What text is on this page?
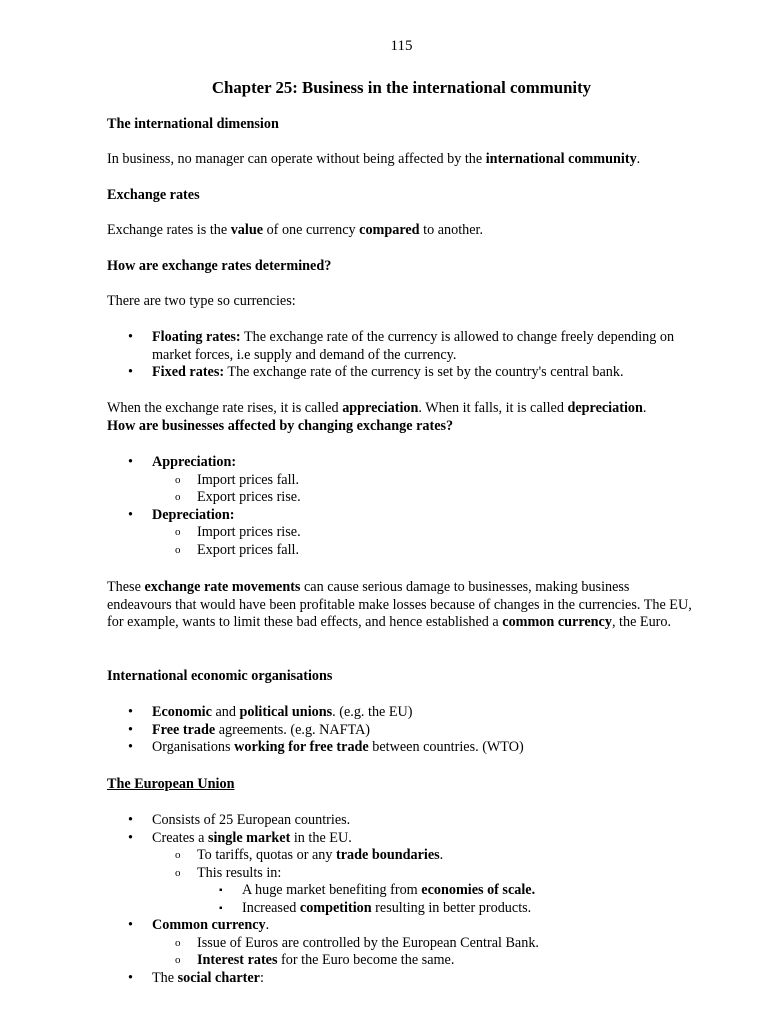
115
Chapter 25: Business in the international community
The international dimension
In business, no manager can operate without being affected by the international community.
Exchange rates
Exchange rates is the value of one currency compared to another.
How are exchange rates determined?
There are two type so currencies:
• Floating rates: The exchange rate of the currency is allowed to change freely depending on market forces, i.e supply and demand of the currency.
• Fixed rates: The exchange rate of the currency is set by the country's central bank.
When the exchange rate rises, it is called appreciation. When it falls, it is called depreciation.
How are businesses affected by changing exchange rates?
• Appreciation:
o Import prices fall.
o Export prices rise.
• Depreciation:
o Import prices rise.
o Export prices fall.
These exchange rate movements can cause serious damage to businesses, making business endeavours that would have been profitable make losses because of changes in the currencies. The EU, for example, wants to limit these bad effects, and hence established a common currency, the Euro.
International economic organisations
• Economic and political unions. (e.g. the EU)
• Free trade agreements. (e.g. NAFTA)
• Organisations working for free trade between countries. (WTO)
The European Union
• Consists of 25 European countries.
• Creates a single market in the EU.
o To tariffs, quotas or any trade boundaries.
o This results in:
▪ A huge market benefiting from economies of scale.
▪ Increased competition resulting in better products.
• Common currency.
o Issue of Euros are controlled by the European Central Bank.
o Interest rates for the Euro become the same.
• The social charter:
